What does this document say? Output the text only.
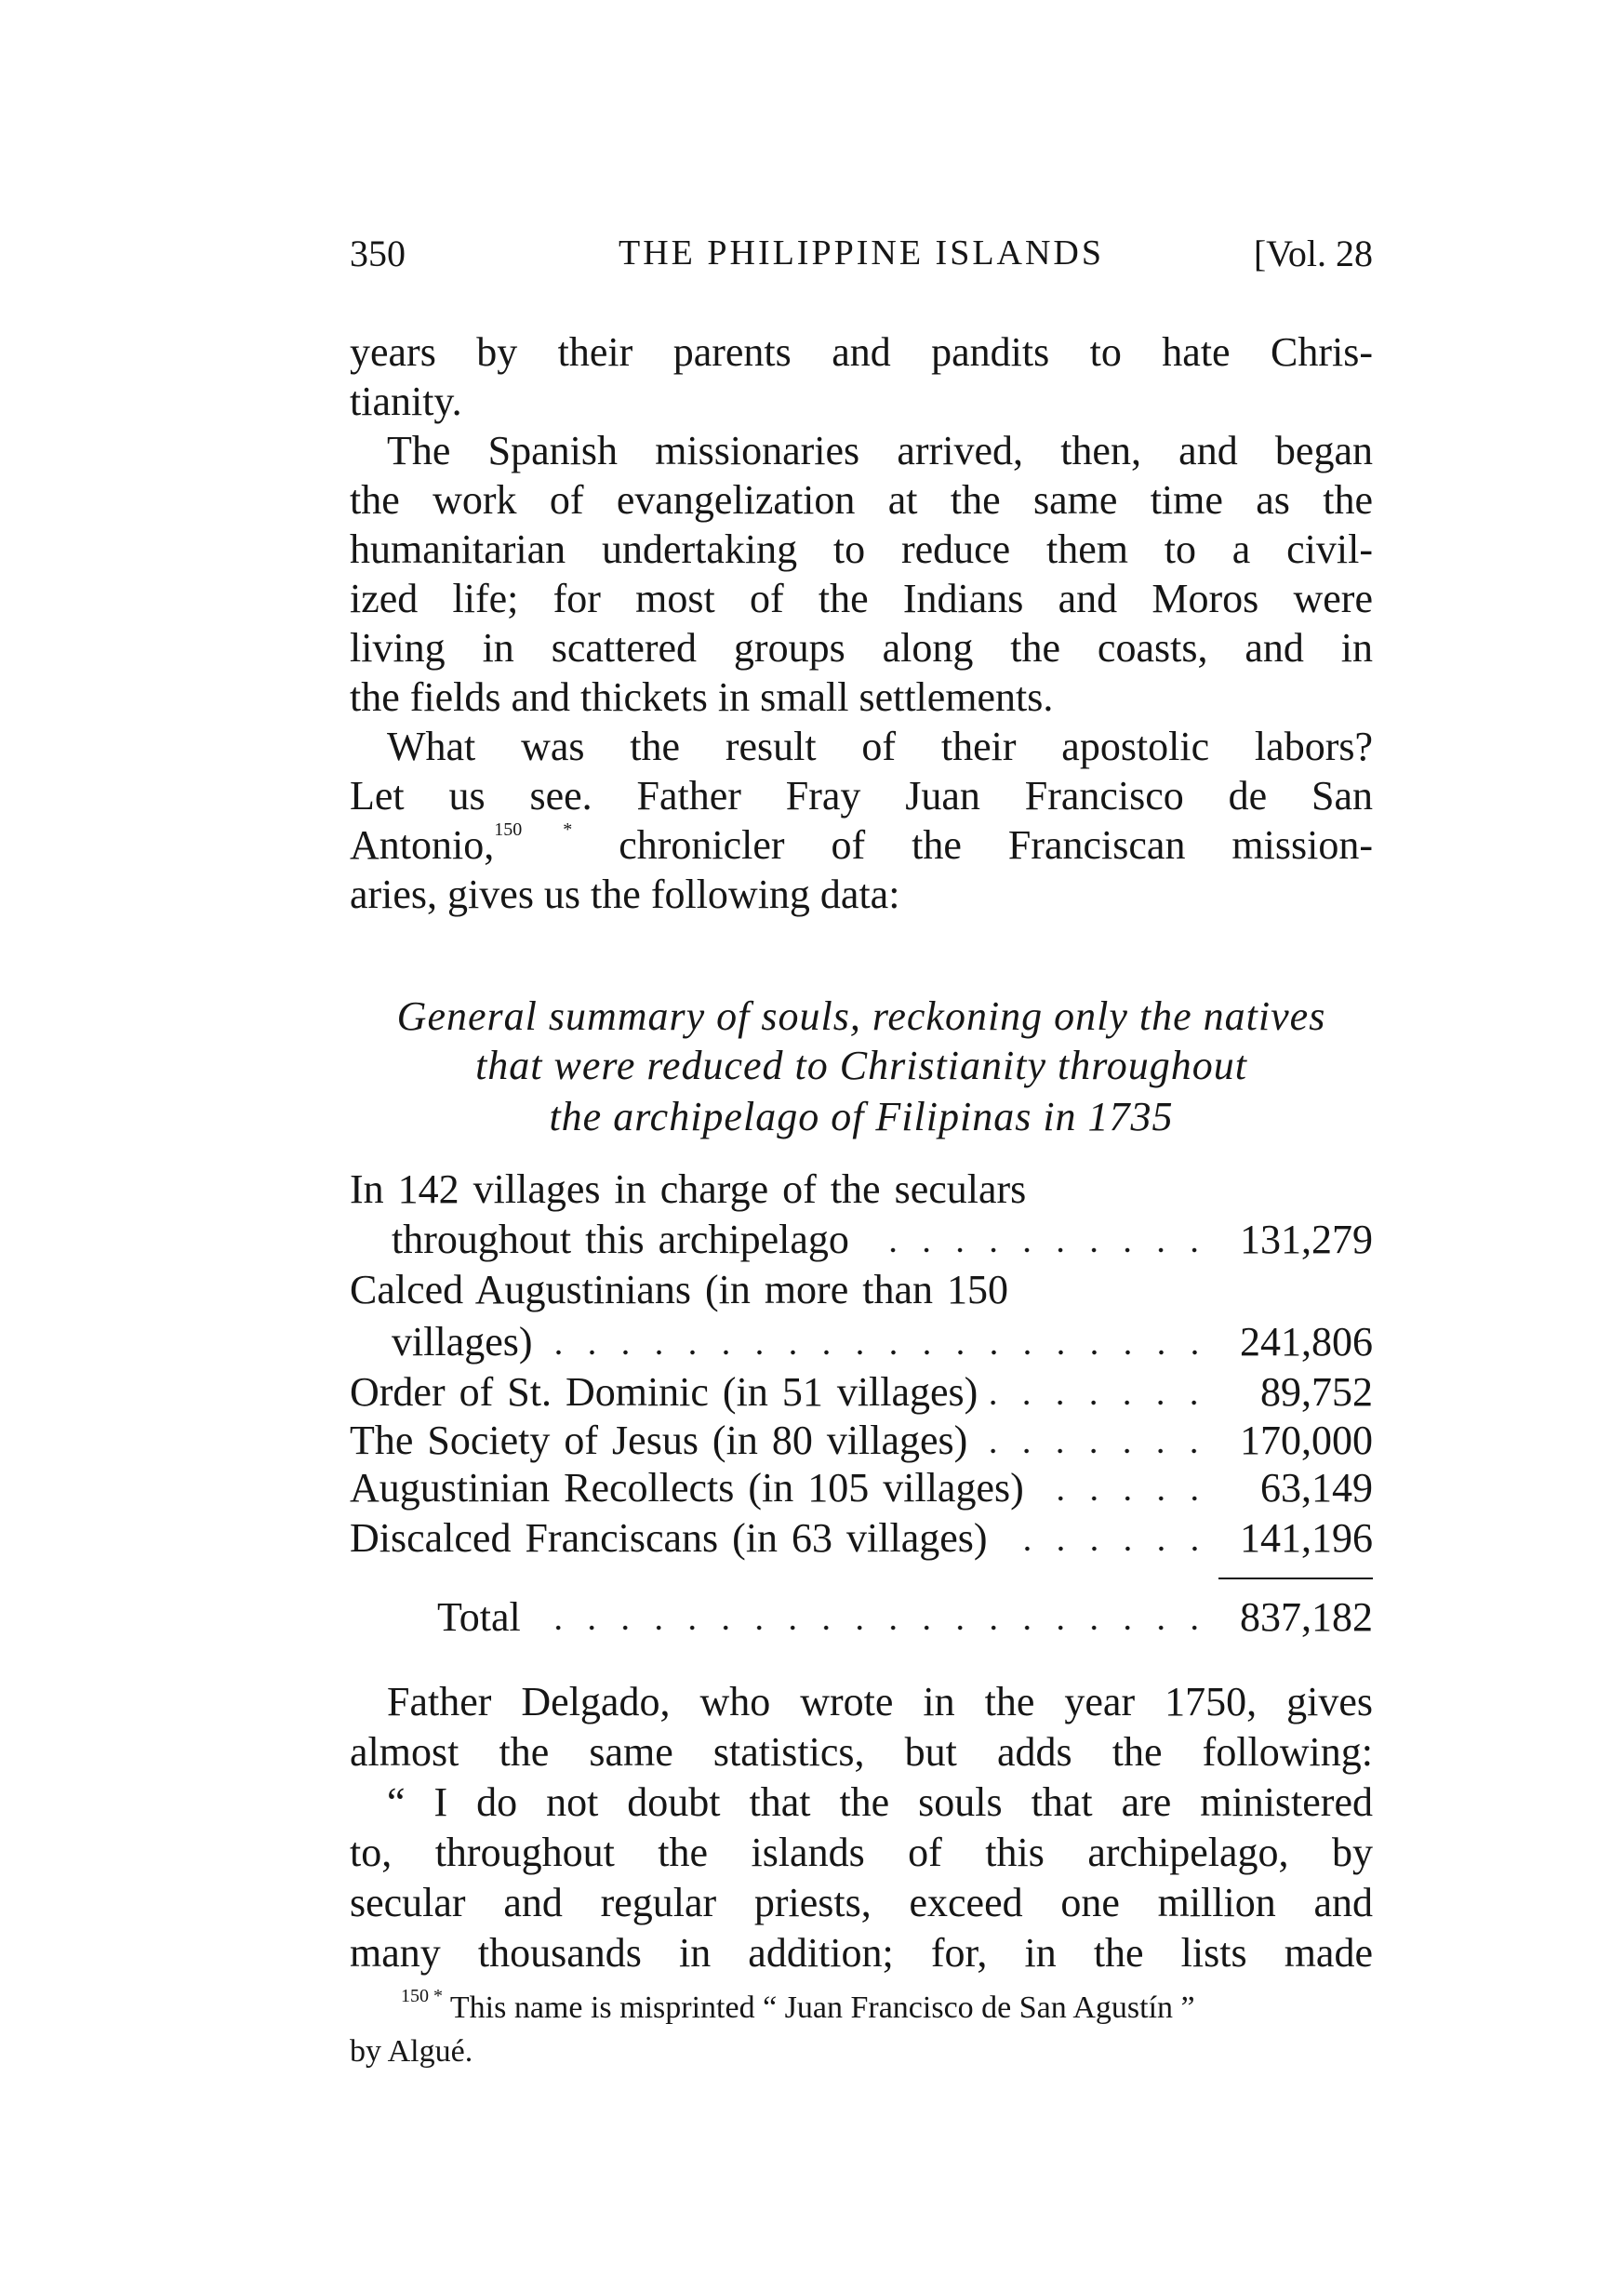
350	THE PHILIPPINE ISLANDS	[Vol. 28
years by their parents and pandits to hate Chris-
tianity.
The Spanish missionaries arrived, then, and began
the work of evangelization at the same time as the
humanitarian undertaking to reduce them to a civil-
ized life; for most of the Indians and Moros were
living in scattered groups along the coasts, and in
the fields and thickets in small settlements.
What was the result of their apostolic labors?
Let us see. Father Fray Juan Francisco de San
Antonio,$^{150 *}$ chronicler of the Franciscan mission-
aries, gives us the following data:
General summary of souls, reckoning only the natives
that were reduced to Christianity throughout
the archipelago of Filipinas in 1735
In 142 villages in charge of the seculars
throughout this archipelago	131,279
Calced Augustinians (in more than 150
villages)	241,806
Order of St. Dominic (in 51 villages)	89,752
The Society of Jesus (in 80 villages)	170,000
Augustinian Recollects (in 105 villages)	63,149
Discalced Franciscans (in 63 villages)	141,196
Total	837,182
Father Delgado, who wrote in the year 1750, gives
almost the same statistics, but adds the following:
“ I do not doubt that the souls that are ministered
to, throughout the islands of this archipelago, by
secular and regular priests, exceed one million and
many thousands in addition; for, in the lists made
$^{150 *}$ This name is misprinted “ Juan Francisco de San Agustín ”
by Algué.
